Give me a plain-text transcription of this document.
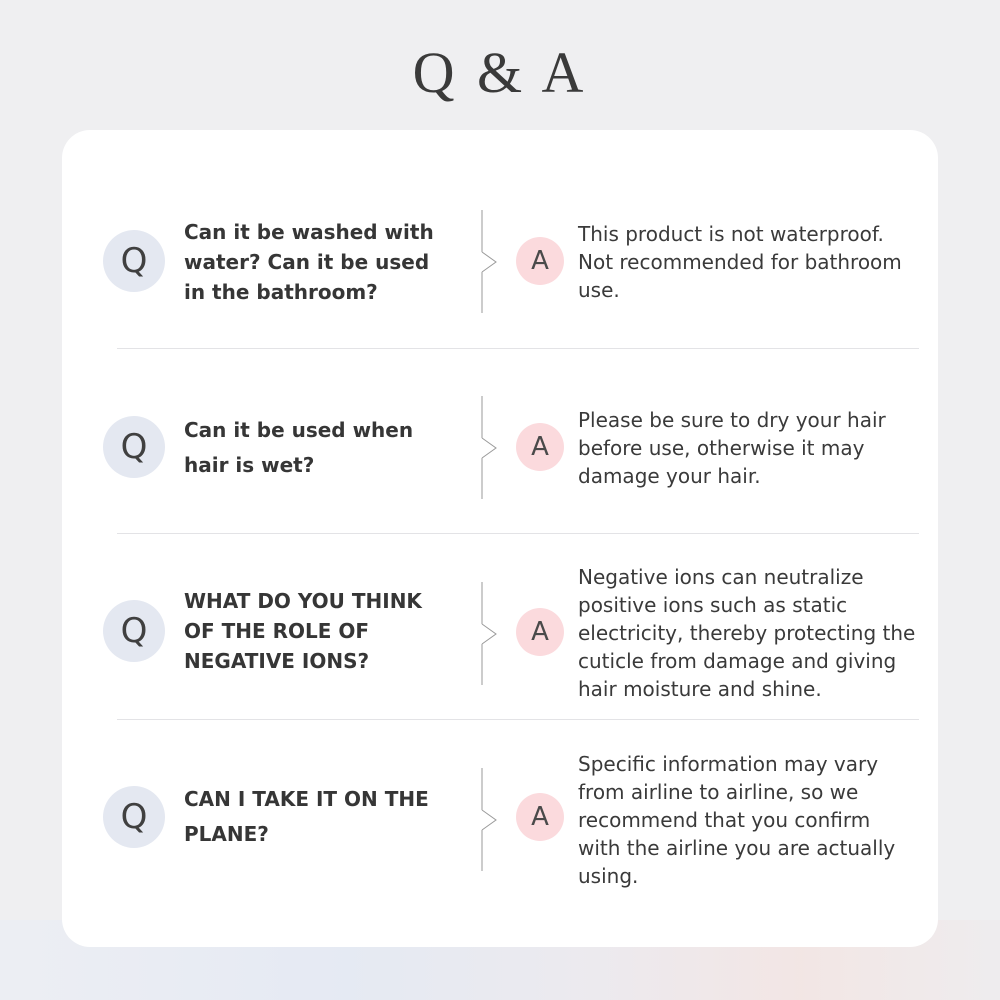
Q & A
Q
Can it be washed with water? Can it be used in the bathroom?
A
This product is not waterproof. Not recommended for bathroom use.
Q Can it be used when hair is wet?
A
Please be sure to dry your hair before use, otherwise it may damage your hair.
Q
WHAT DO YOU THINK OF THE ROLE OF NEGATIVE IONS?
A
Negative ions can neutralize positive ions such as static electricity, thereby protecting the cuticle from damage and giving hair moisture and shine.
Q CAN I TAKE IT ON THE PLANE?
A
Specific information may vary from airline to airline, so we recommend that you confirm with the airline you are actually using.
